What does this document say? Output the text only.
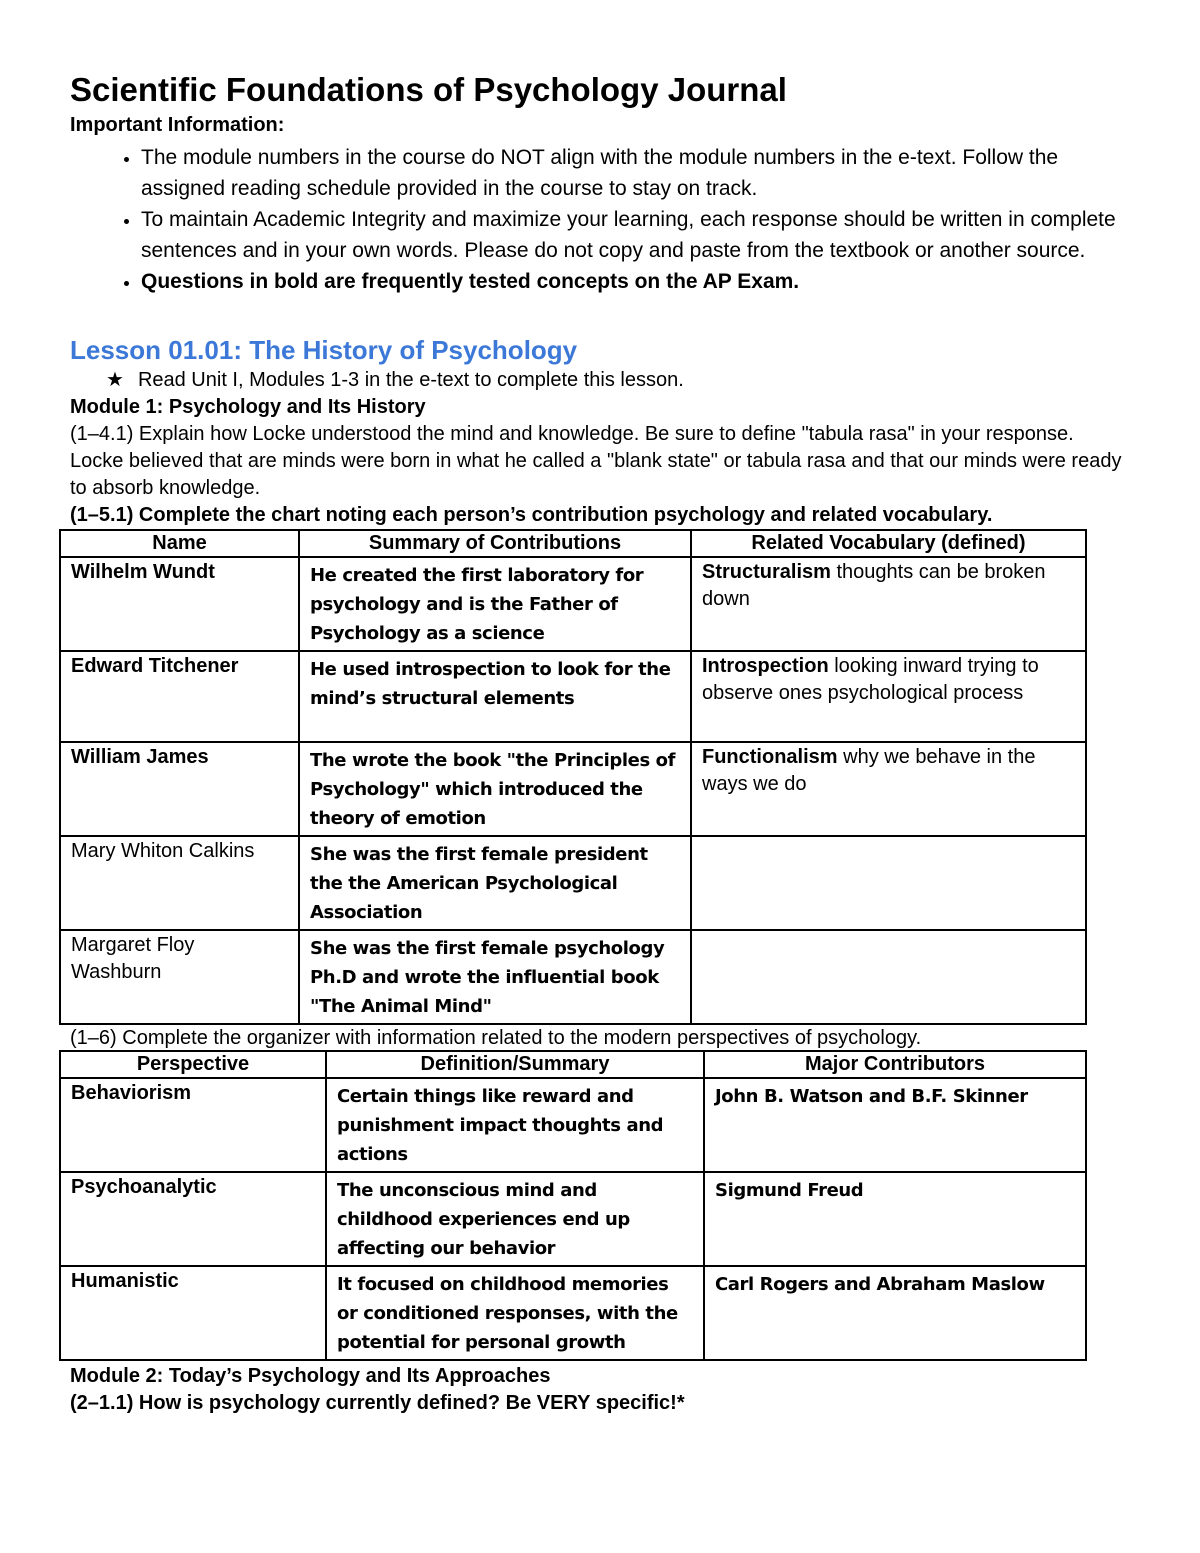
Scientific Foundations of Psychology Journal

Important Information:

• The module numbers in the course do NOT align with the module numbers in the e-text. Follow the assigned reading schedule provided in the course to stay on track.
• To maintain Academic Integrity and maximize your learning, each response should be written in complete sentences and in your own words. Please do not copy and paste from the textbook or another source.
• Questions in bold are frequently tested concepts on the AP Exam.
Lesson 01.01: The History of Psychology

★ Read Unit I, Modules 1-3 in the e-text to complete this lesson.

Module 1: Psychology and Its History

(1–4.1) Explain how Locke understood the mind and knowledge. Be sure to define "tabula rasa" in your response.

Locke believed that are minds were born in what he called a "blank state" or tabula rasa and that our minds were ready to absorb knowledge.

(1–5.1) Complete the chart noting each person’s contribution psychology and related vocabulary.

Name	Summary of Contributions	Related Vocabulary (defined)
Wilhelm Wundt	He created the first laboratory for psychology and is the Father of Psychology as a science	Structuralism thoughts can be broken down
Edward Titchener	He used introspection to look for the mind’s structural elements	Introspection looking inward trying to observe ones psychological process
William James	The wrote the book "the Principles of Psychology" which introduced the theory of emotion	Functionalism why we behave in the ways we do
Mary Whiton Calkins	She was the first female president the the American Psychological Association	
Margaret Floy Washburn	She was the first female psychology Ph.D and wrote the influential book "The Animal Mind"	

(1–6) Complete the organizer with information related to the modern perspectives of psychology.

Perspective	Definition/Summary	Major Contributors
Behaviorism	Certain things like reward and punishment impact thoughts and actions	John B. Watson and B.F. Skinner
Psychoanalytic	The unconscious mind and childhood experiences end up affecting our behavior	Sigmund Freud
Humanistic	It focused on childhood memories or conditioned responses, with the potential for personal growth	Carl Rogers and Abraham Maslow

Module 2: Today’s Psychology and Its Approaches

(2–1.1) How is psychology currently defined? Be VERY specific!*
